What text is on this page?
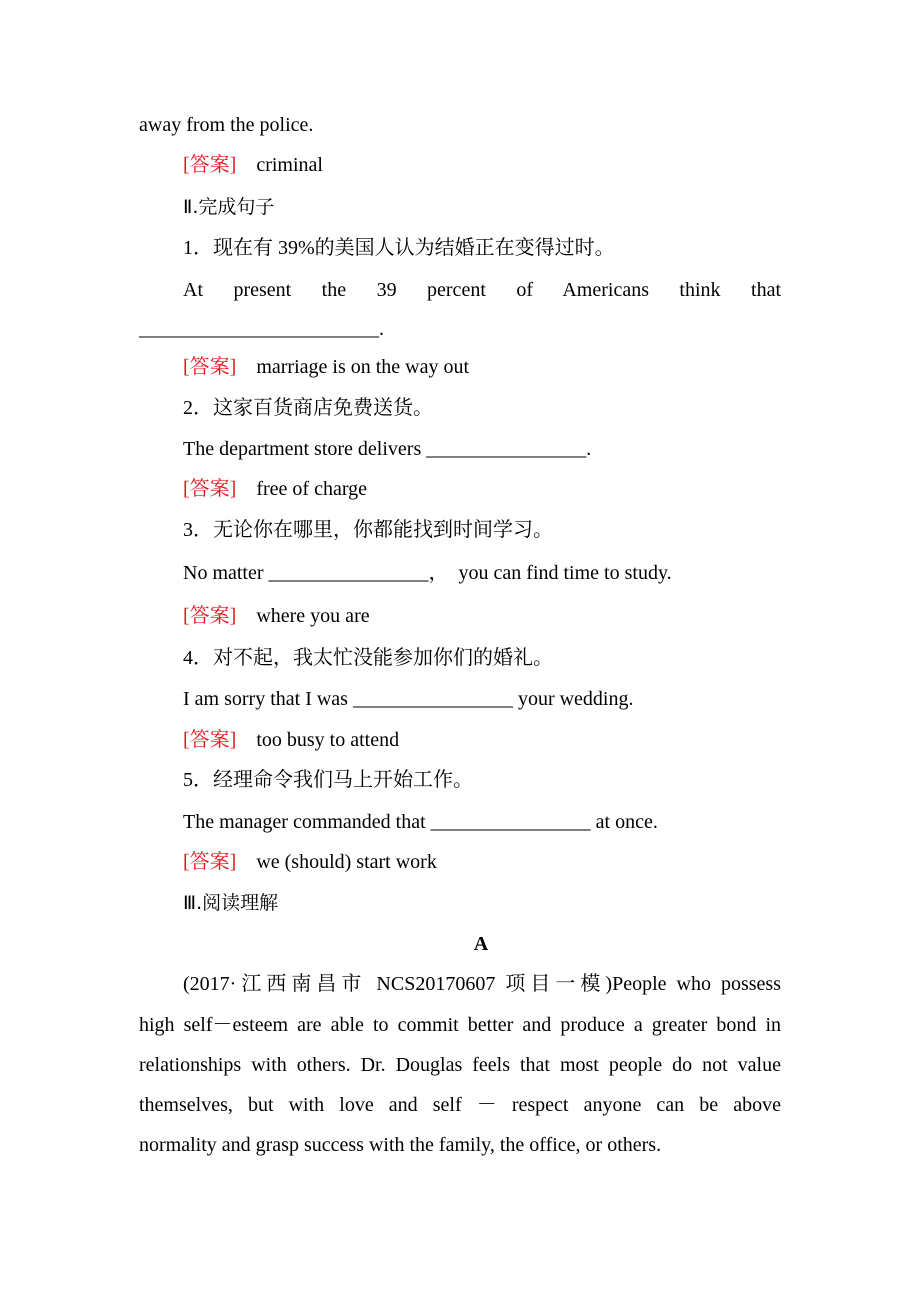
away from the police.
[答案] criminal
Ⅱ.完成句子
1．现在有 39%的美国人认为结婚正在变得过时。
At present the 39 percent of Americans think that
________________________.
[答案] marriage is on the way out
2．这家百货商店免费送货。
The department store delivers ________________.
[答案] free of charge
3．无论你在哪里，你都能找到时间学习。
No matter ________________，  you can find time to study.
[答案] where you are
4．对不起，我太忙没能参加你们的婚礼。
I am sorry that I was ________________ your wedding.
[答案] too busy to attend
5．经理命令我们马上开始工作。
The manager commanded that ________________ at once.
[答案] we (should) start work
Ⅲ.阅读理解
A
(2017·江西南昌市 NCS20170607 项目一模)People who possess
high self－esteem are able to commit better and produce a greater bond in
relationships with others. Dr. Douglas feels that most people do not value
themselves, but with love and self － respect anyone can be above
normality and grasp success with the family, the office, or others.
